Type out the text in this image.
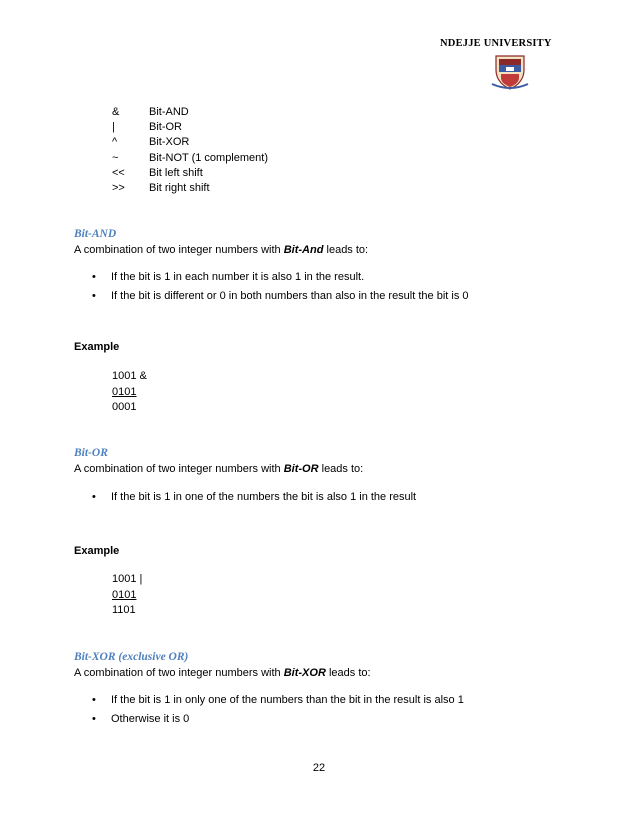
NDEJJE UNIVERSITY
&	Bit-AND
|	Bit-OR
^	Bit-XOR
~	Bit-NOT (1 complement)
<<	Bit left shift
>>	Bit right shift
Bit-AND
A combination of two integer numbers with Bit-And leads to:
•	If the bit is 1 in each number it is also 1 in the result.
•	If the bit is different or 0 in both numbers than also in the result the bit is 0
Example
1001 &
0101
0001
Bit-OR
A combination of two integer numbers with Bit-OR leads to:
•	If the bit is 1 in one of the numbers the bit is also 1 in the result
Example
1001 |
0101
1101
Bit-XOR (exclusive OR)
A combination of two integer numbers with Bit-XOR leads to:
•	If the bit is 1 in only one of the numbers than the bit in the result is also 1
•	Otherwise it is 0
22
